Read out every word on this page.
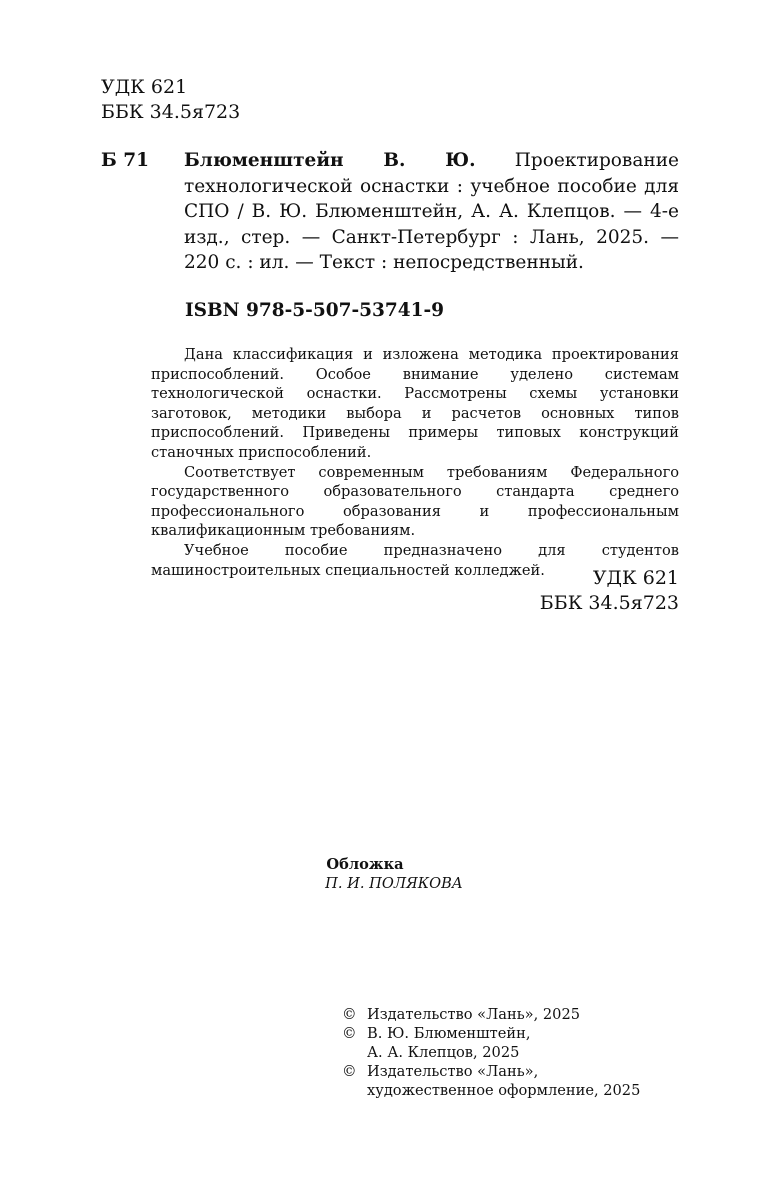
УДК 621
ББК 34.5я723
Б 71 Блюменштейн В. Ю. Проектирование технологической оснастки : учебное пособие для СПО / В. Ю. Блюменштейн, А. А. Клепцов. — 4-е изд., стер. — Санкт-Петербург : Лань, 2025. — 220 с. : ил. — Текст : непосредственный.
ISBN 978-5-507-53741-9

Дана классификация и изложена методика проектирования приспособлений. Особое внимание уделено системам технологической оснастки. Рассмотрены схемы установки заготовок, методики выбора и расчетов основных типов приспособлений. Приведены примеры типовых конструкций станочных приспособлений.

Соответствует современным требованиям Федерального государственного образовательного стандарта среднего профессионального образования и профессиональным квалификационным требованиям.

Учебное пособие предназначено для студентов машиностроительных специальностей колледжей.	УДК 621
ББК 34.5я723
Обложка
П. И. ПОЛЯКОВА
© Издательство «Лань», 2025
© В. Ю. Блюменштейн,
А. А. Клепцов, 2025
© Издательство «Лань»,
художественное оформление, 2025
